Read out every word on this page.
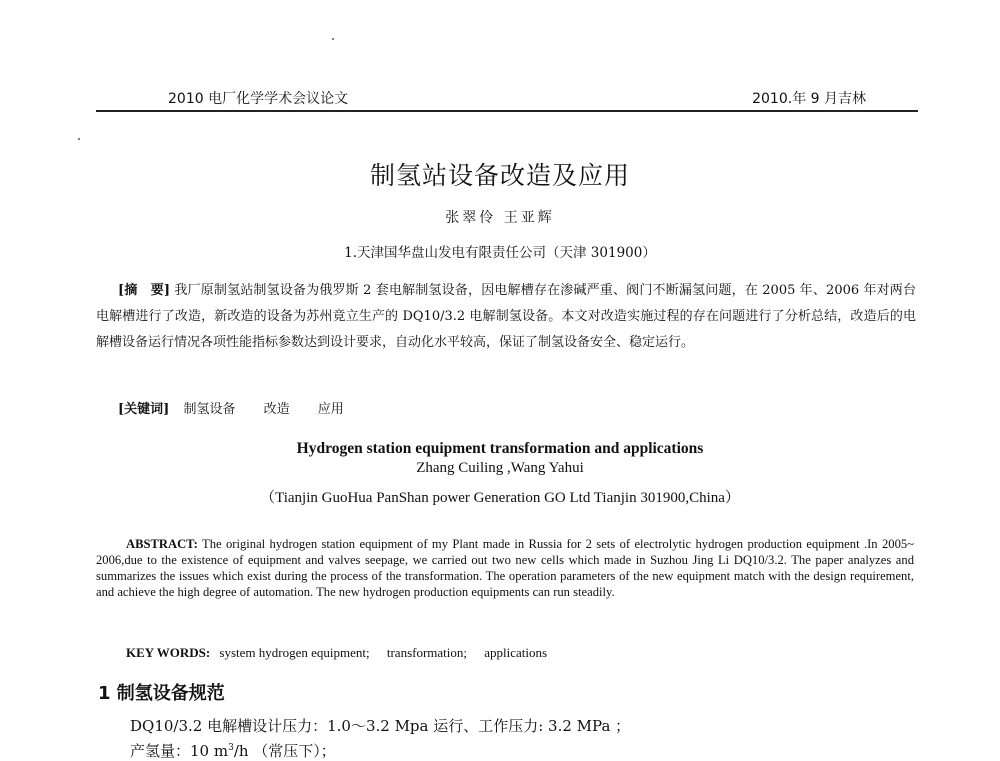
2010 电厂化学学术会议论文	2010.年 9 月吉林
制氢站设备改造及应用
张翠伶 王亚辉
1.天津国华盘山发电有限责任公司（天津 301900）
[摘　要] 我厂原制氢站制氢设备为俄罗斯 2 套电解制氢设备，因电解槽存在渗碱严重、阀门不断漏氢问题，在 2005 年、2006 年对两台电解槽进行了改造，新改造的设备为苏州竟立生产的 DQ10/3.2 电解制氢设备。本文对改造实施过程的存在问题进行了分析总结，改造后的电解槽设备运行情况各项性能指标参数达到设计要求，自动化水平较高，保证了制氢设备安全、稳定运行。
[关键词] 制氢设备 改造 应用
Hydrogen station equipment transformation and applications
Zhang Cuiling ,Wang Yahui
（Tianjin GuoHua PanShan power Generation GO Ltd Tianjin 301900,China）
ABSTRACT: The original hydrogen station equipment of my Plant made in Russia for 2 sets of electrolytic hydrogen production equipment .In 2005~ 2006,due to the existence of equipment and valves seepage, we carried out two new cells which made in Suzhou Jing Li DQ10/3.2. The paper analyzes and summarizes the issues which exist during the process of the transformation. The operation parameters of the new equipment match with the design requirement, and achieve the high degree of automation. The new hydrogen production equipments can run steadily.
KEY WORDS: system hydrogen equipment; transformation; applications
1 制氢设备规范
DQ10/3.2 电解槽设计压力：1.0～3.2 Mpa 运行、工作压力: 3.2 MPa ；
产氢量：10 $m^3/h$ （常压下）；
